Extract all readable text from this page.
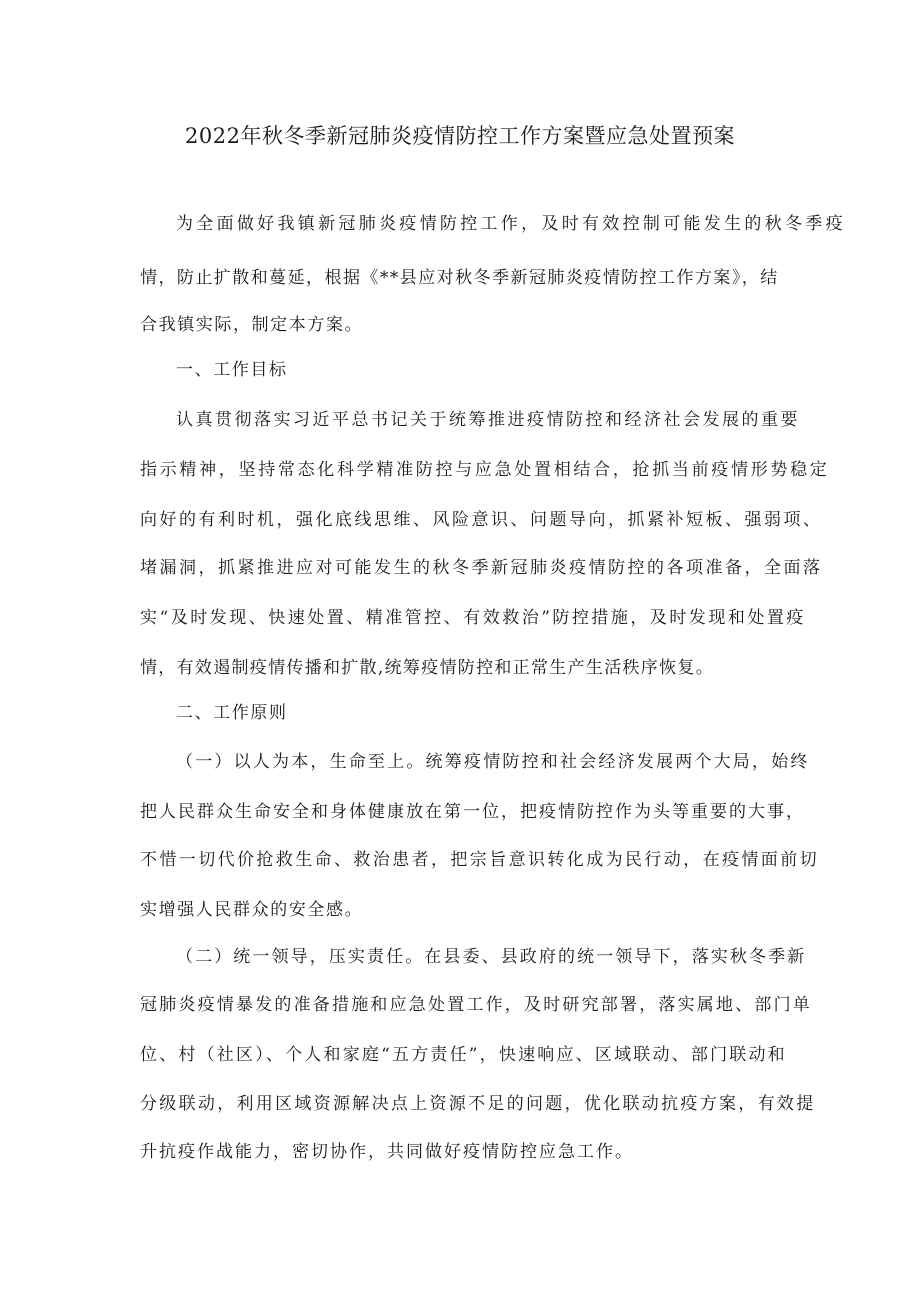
2022年秋冬季新冠肺炎疫情防控工作方案暨应急处置预案

为全面做好我镇新冠肺炎疫情防控工作，及时有效控制可能发生的秋冬季疫

情，防止扩散和蔓延，根据《**县应对秋冬季新冠肺炎疫情防控工作方案》，结

合我镇实际，制定本方案。

一、工作目标

认真贯彻落实习近平总书记关于统筹推进疫情防控和经济社会发展的重要

指示精神，坚持常态化科学精准防控与应急处置相结合，抢抓当前疫情形势稳定

向好的有利时机，强化底线思维、风险意识、问题导向，抓紧补短板、强弱项、

堵漏洞，抓紧推进应对可能发生的秋冬季新冠肺炎疫情防控的各项准备，全面落

实“及时发现、快速处置、精准管控、有效救治”防控措施，及时发现和处置疫

情，有效遏制疫情传播和扩散,统筹疫情防控和正常生产生活秩序恢复。

二、工作原则

（一）以人为本，生命至上。统筹疫情防控和社会经济发展两个大局，始终

把人民群众生命安全和身体健康放在第一位，把疫情防控作为头等重要的大事，

不惜一切代价抢救生命、救治患者，把宗旨意识转化成为民行动，在疫情面前切

实增强人民群众的安全感。

（二）统一领导，压实责任。在县委、县政府的统一领导下，落实秋冬季新

冠肺炎疫情暴发的准备措施和应急处置工作，及时研究部署，落实属地、部门单

位、村（社区）、个人和家庭“五方责任”，快速响应、区域联动、部门联动和

分级联动，利用区域资源解决点上资源不足的问题，优化联动抗疫方案，有效提

升抗疫作战能力，密切协作，共同做好疫情防控应急工作。
